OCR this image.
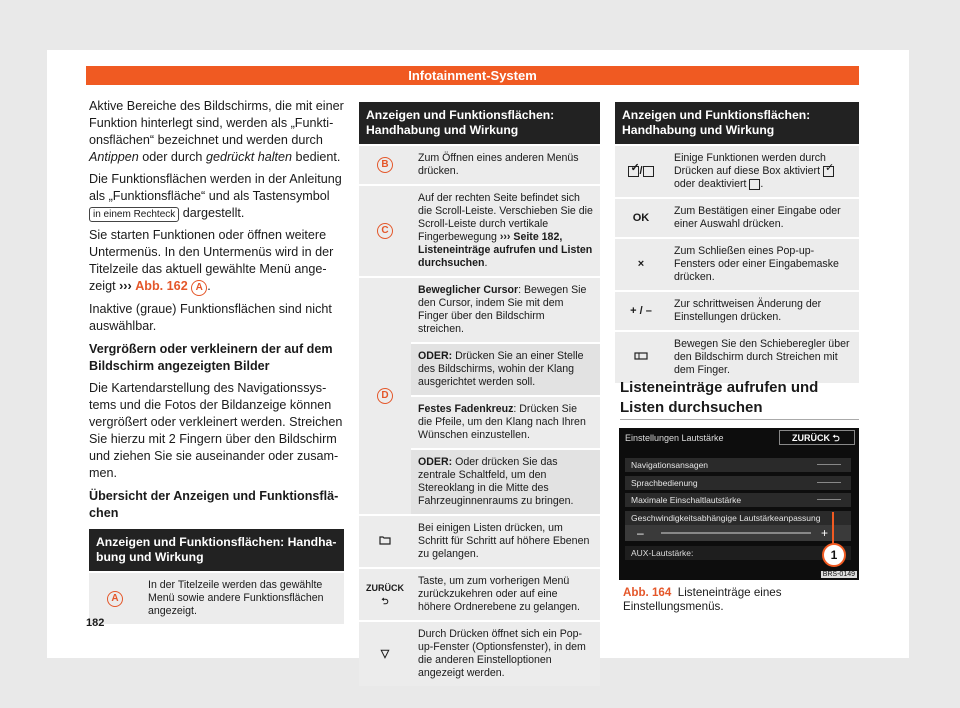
Infotainment-System

Aktive Bereiche des Bildschirms, die mit einer Funktion hinterlegt sind, werden als „Funktionsflächen“ bezeichnet und werden durch Antippen oder durch gedrückt halten bedient.

Die Funktionsflächen werden in der Anleitung als „Funktionsfläche“ und als Tastensymbol in einem Rechteck dargestellt.

Sie starten Funktionen oder öffnen weitere Untermenüs. In den Untermenüs wird in der Titelzeile das aktuell gewählte Menü angezeigt ››› Abb. 162 A .

Inaktive (graue) Funktionsflächen sind nicht auswählbar.

Vergrößern oder verkleinern der auf dem Bildschirm angezeigten Bilder

Die Kartendarstellung des Navigationssystems und die Fotos der Bildanzeige können vergrößert oder verkleinert werden. Streichen Sie hierzu mit 2 Fingern über den Bildschirm und ziehen Sie sie auseinander oder zusammen.

Übersicht der Anzeigen und Funktionsflächen
Anzeigen und Funktionsflächen: Handhabung und Wirkung
A	In der Titelzeile werden das gewählte Menü sowie andere Funktionsflächen angezeigt.
Anzeigen und Funktionsflächen: Handhabung und Wirkung	
B	Zum Öffnen eines anderen Menüs drücken.
C	Auf der rechten Seite befindet sich die Scroll-Leiste. Verschieben Sie die Scroll-Leiste durch vertikale Fingerbewegung ››› Seite 182, Listeneinträge aufrufen und Listen durchsuchen.
D	Beweglicher Cursor: Bewegen Sie den Cursor, indem Sie mit dem Finger über den Bildschirm streichen.
	ODER: Drücken Sie an einer Stelle des Bildschirms, wohin der Klang ausgerichtet werden soll.
	Festes Fadenkreuz: Drücken Sie die Pfeile, um den Klang nach Ihren Wünschen einzustellen.
	ODER: Oder drücken Sie das zentrale Schaltfeld, um den Stereoklang in die Mitte des Fahrzeuginnenraums zu bringen.
	Bei einigen Listen drücken, um Schritt für Schritt auf höhere Ebenen zu gelangen.
ZURÜCK
⮌	Taste, um zum vorherigen Menü zurückzukehren oder auf eine höhere Ordnerebene zu gelangen.
▽	Durch Drücken öffnet sich ein Pop-up-Fenster (Optionsfenster), in dem die anderen Einstelloptionen angezeigt werden.
Anzeigen und Funktionsflächen: Handhabung und Wirkung	

✓ /	Einige Funktionen werden durch Drücken auf diese Box aktiviert ✓
oder deaktiviert .
OK	Zum Bestätigen einer Eingabe oder einer Auswahl drücken.
×	Zum Schließen eines Pop-up-Fensters oder einer Eingabemaske drücken.
+ / –	Zur schrittweisen Änderung der Einstellungen drücken.
	Bewegen Sie den Schieberegler über den Bildschirm durch Streichen mit dem Finger.
Listeneinträge aufrufen und Listen durchsuchen
Einstellungen Lautstärke	ZURÜCK ⮌
Navigationsansagen
Sprachbedienung
Maximale Einschaltlautstärke
Geschwindigkeitsabhängige Lautstärkeanpassung
–	+
AUX-Lautstärke:	1
BRS-0149
Abb. 164 Listeneinträge eines Einstellungsmenüs.
182
